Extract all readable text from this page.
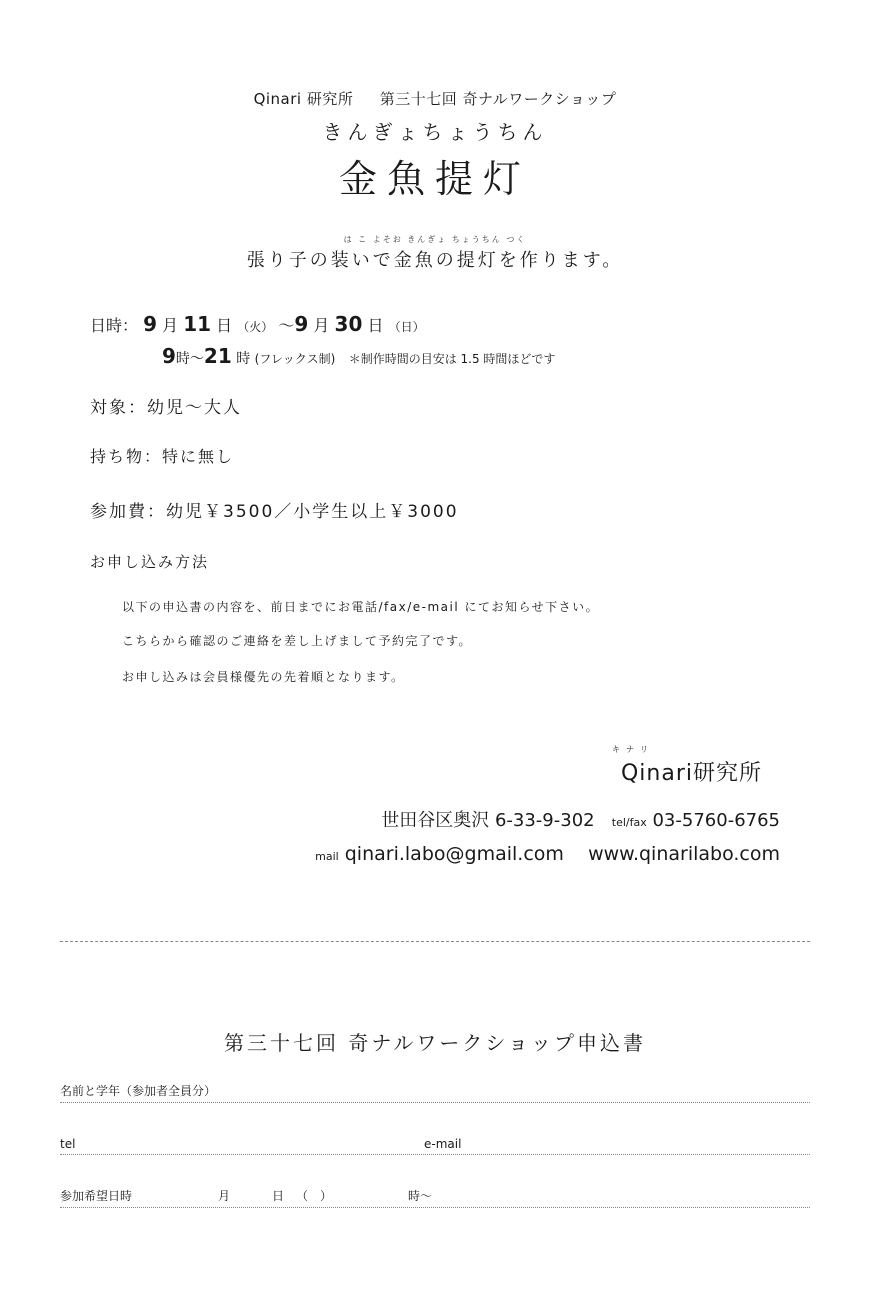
Qinari 研究所 第三十七回 奇ナルワークショップ
きんぎょちょうちん
金魚提灯
は こ よそお きんぎょ ちょうちん つく
張り子の装いで金魚の提灯を作ります。
日時： 9 月 11 日 （火） ～9 月 30 日 （日）
9時～21 時 (フレックス制) ＊制作時間の目安は 1.5 時間ほどです
対象：幼児～大人
持ち物：特に無し
参加費：幼児￥3500／小学生以上￥3000
お申し込み方法
以下の申込書の内容を、前日までにお電話/fax/e-mail にてお知らせ下さい。
こちらから確認のご連絡を差し上げまして予約完了です。
お申し込みは会員様優先の先着順となります。
キナリ
Qinari研究所
世田谷区奥沢 6-33-9-302 tel/fax 03-5760-6765
mail qinari.labo@gmail.com www.qinarilabo.com
第三十七回 奇ナルワークショップ申込書
名前と学年（参加者全員分）
tel	e-mail
参加希望日時	月	日 （　）	時～
